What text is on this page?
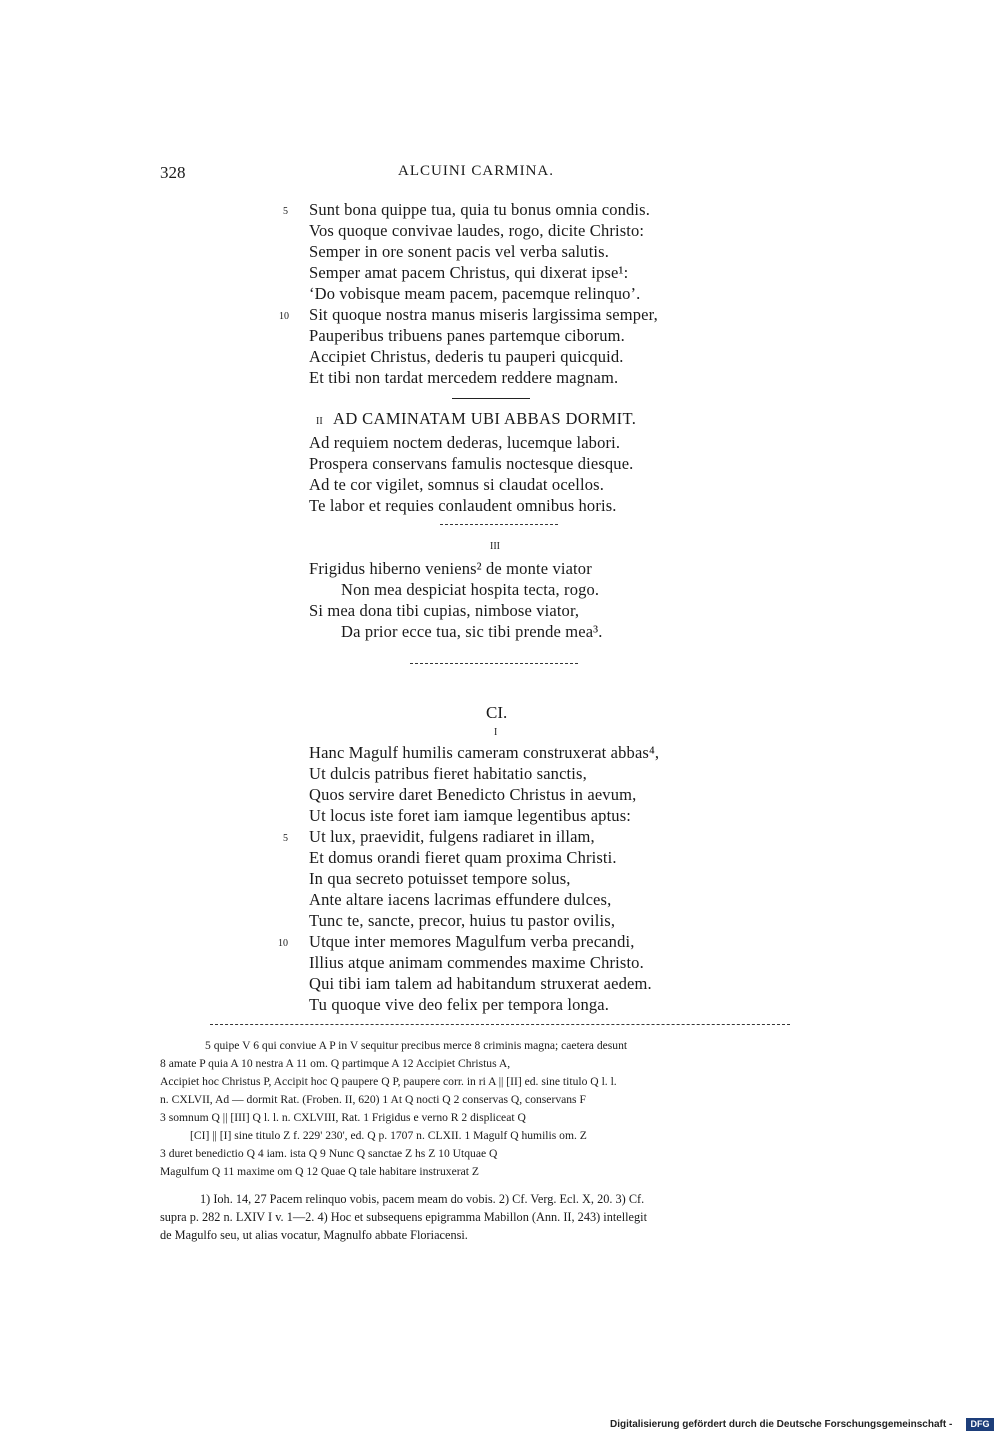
328	ALCUINI CARMINA.
5 Sunt bona quippe tua, quia tu bonus omnia condis.
Vos quoque convivae laudes, rogo, dicite Christo:
Semper in ore sonent pacis vel verba salutis.
Semper amat pacem Christus, qui dixerat ipse¹:
‘Do vobisque meam pacem, pacemque relinquo’.
10 Sit quoque nostra manus miseris largissima semper,
Pauperibus tribuens panes partemque ciborum.
Accipiet Christus, dederis tu pauperi quicquid.
Et tibi non tardat mercedem reddere magnam.
II AD CAMINATAM UBI ABBAS DORMIT.
Ad requiem noctem dederas, lucemque labori.
Prospera conservans famulis noctesque diesque.
Ad te cor vigilet, somnus si claudat ocellos.
Te labor et requies conlaudent omnibus horis.
III
Frigidus hiberno veniens² de monte viator
Non mea despiciat hospita tecta, rogo.
Si mea dona tibi cupias, nimbose viator,
Da prior ecce tua, sic tibi prende mea³.
CI.
I
Hanc Magulf humilis cameram construxerat abbas⁴,
Ut dulcis patribus fieret habitatio sanctis,
Quos servire daret Benedicto Christus in aevum,
Ut locus iste foret iam iamque legentibus aptus:
5 Ut lux, praevidit, fulgens radiaret in illam,
Et domus orandi fieret quam proxima Christi.
In qua secreto potuisset tempore solus,
Ante altare iacens lacrimas effundere dulces,
Tunc te, sancte, precor, huius tu pastor ovilis,
10 Utque inter memores Magulfum verba precandi,
Illius atque animam commendes maxime Christo.
Qui tibi iam talem ad habitandum struxerat aedem.
Tu quoque vive deo felix per tempora longa.
5 quipe V 6 qui conviue A P in V sequitur precibus merce 8 criminis magna; caetera desunt
8 amate P quia A 10 nestra A 11 om. Q partimque A 12 Accipiet Christus A,
Accipiet hoc Christus P, Accipit hoc Q paupere Q P, paupere corr. in ri A || [II] ed. sine titulo Q l. l.
n. CXLVII, Ad — dormit Rat. (Froben. II, 620) 1 At Q nocti Q 2 conservas Q, conservans F
3 somnum Q || [III] Q l. l. n. CXLVIII, Rat. 1 Frigidus e verno R 2 displiceat Q
[CI] || [I] sine titulo Z f. 229' 230', ed. Q p. 1707 n. CLXII. 1 Magulf Q humilis om. Z
3 duret benedictio Q 4 iam. ista Q 9 Nunc Q sanctae Z hs Z 10 Utquae Q
Magulfum Q 11 maxime om Q 12 Quae Q tale habitare instruxerat Z
1) Ioh. 14, 27 Pacem relinquo vobis, pacem meam do vobis. 2) Cf. Verg. Ecl. X, 20. 3) Cf.
supra p. 282 n. LXIV I v. 1—2. 4) Hoc et subsequens epigramma Mabillon (Ann. II, 243) intellegit
de Magulfo seu, ut alias vocatur, Magnulfo abbate Floriacensi.
Digitalisierung gefördert durch die Deutsche Forschungsgemeinschaft -	DFG
